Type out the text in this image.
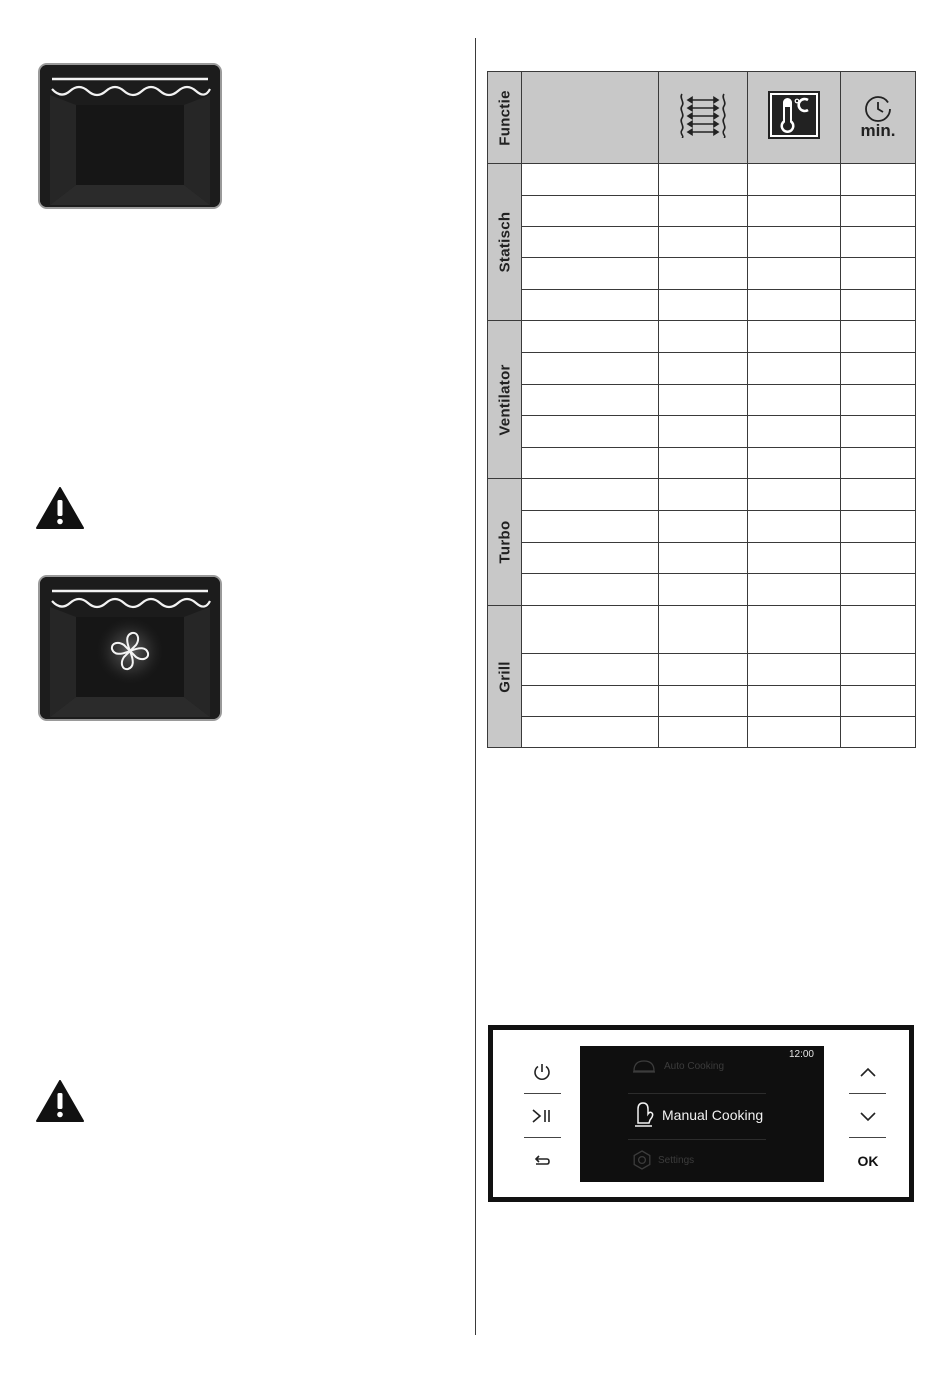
Functie				min.

Statisch				

Ventilator				

Turbo				

Grill				

12:00
Auto Cooking
Manual Cooking
Settings	OK
